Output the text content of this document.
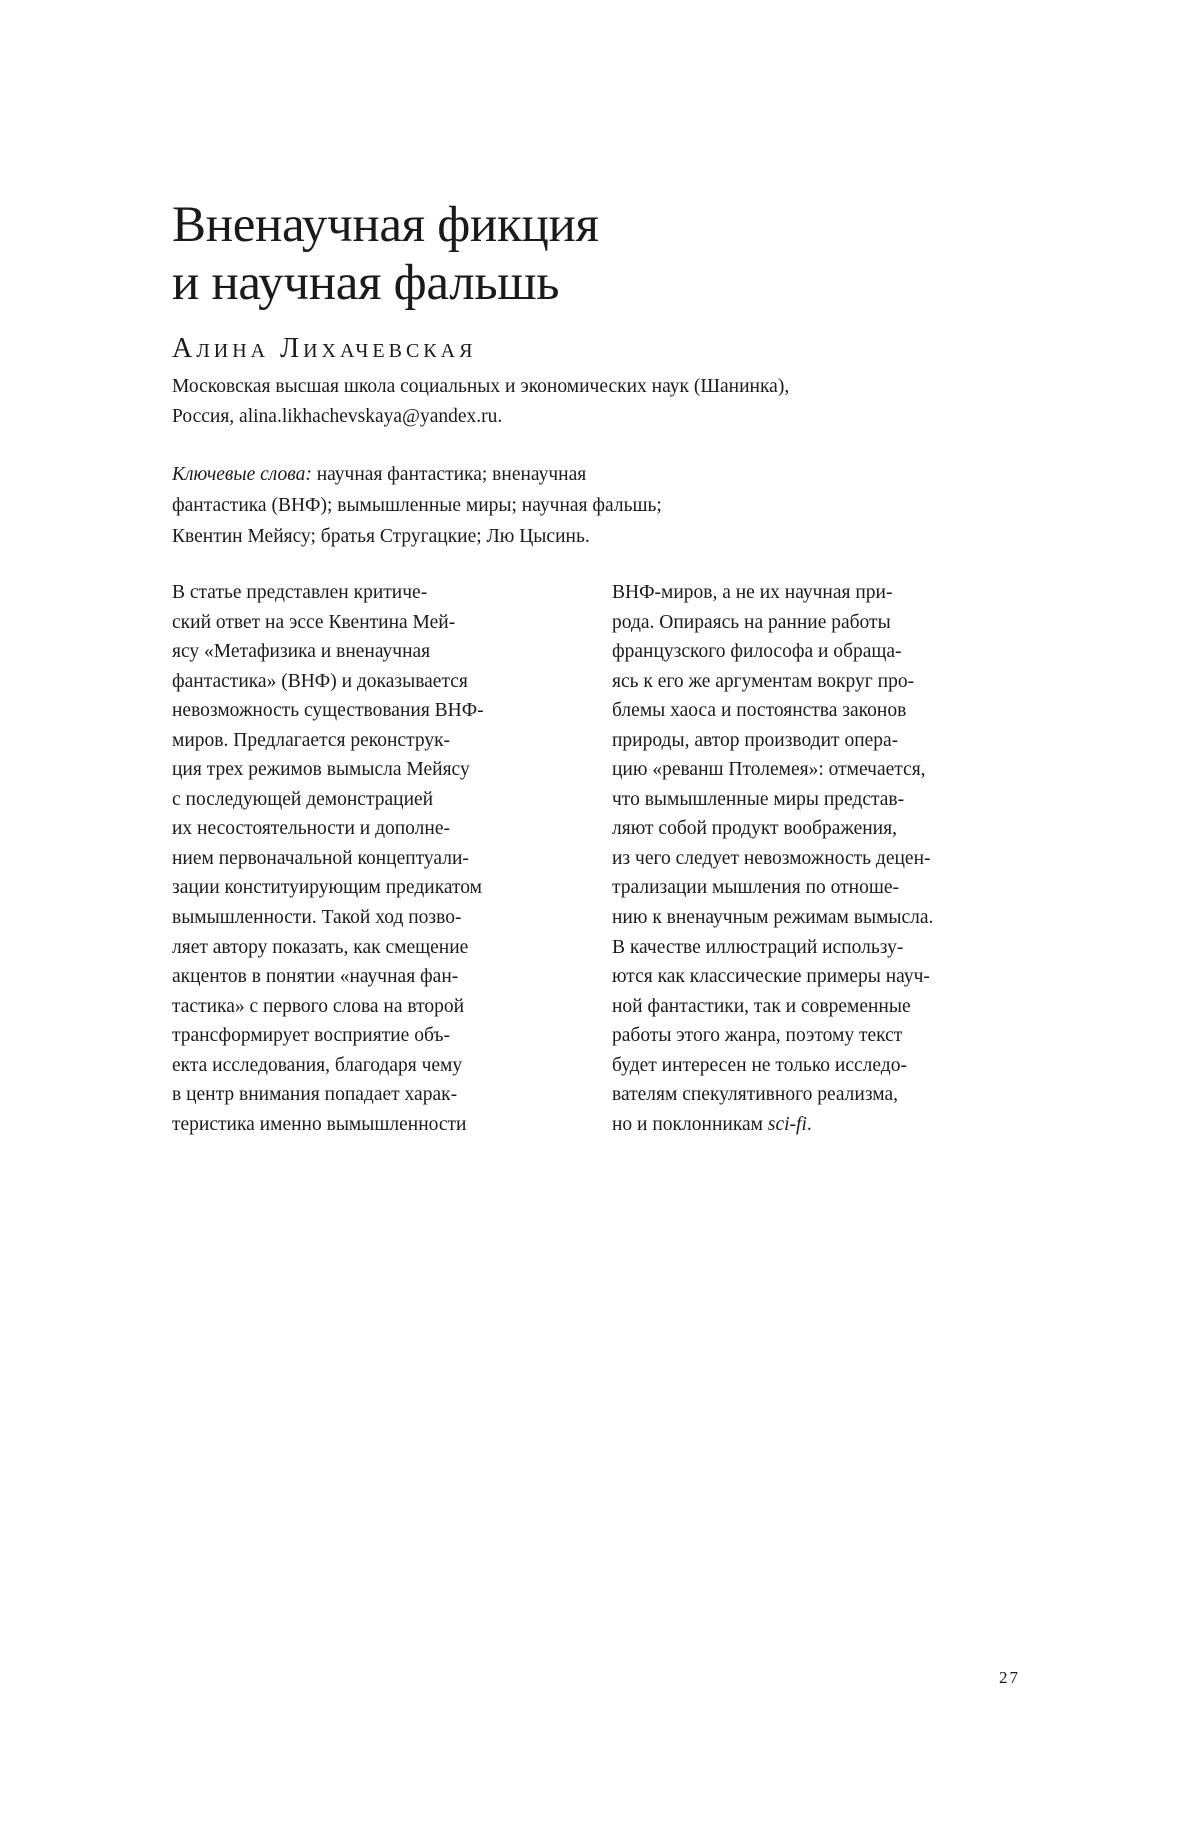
Вненаучная фикция
и научная фальшь
Алина Лихачевская
Московская высшая школа социальных и экономических наук (Шанинка),
Россия, alina.likhachevskaya@yandex.ru.
Ключевые слова: научная фантастика; вненаучная
фантастика (ВНФ); вымышленные миры; научная фальшь;
Квентин Мейясу; братья Стругацкие; Лю Цысинь.
В статье представлен критиче-
ский ответ на эссе Квентина Мей-
ясу «Метафизика и вненаучная
фантастика» (ВНФ) и доказывается
невозможность существования ВНФ-
миров. Предлагается реконструк-
ция трех режимов вымысла Мейясу
с последующей демонстрацией
их несостоятельности и дополне-
нием первоначальной концептуали-
зации конституирующим предикатом
вымышленности. Такой ход позво-
ляет автору показать, как смещение
акцентов в понятии «научная фан-
тастика» с первого слова на второй
трансформирует восприятие объ-
екта исследования, благодаря чему
в центр внимания попадает харак-
теристика именно вымышленности
ВНФ-миров, а не их научная при-
рода. Опираясь на ранние работы
французского философа и обраща-
ясь к его же аргументам вокруг про-
блемы хаоса и постоянства законов
природы, автор производит опера-
цию «реванш Птолемея»: отмечается,
что вымышленные миры представ-
ляют собой продукт воображения,
из чего следует невозможность децен-
трализации мышления по отноше-
нию к вненаучным режимам вымысла.
В качестве иллюстраций использу-
ются как классические примеры науч-
ной фантастики, так и современные
работы этого жанра, поэтому текст
будет интересен не только исследо-
вателям спекулятивного реализма,
но и поклонникам sci-fi.
27
